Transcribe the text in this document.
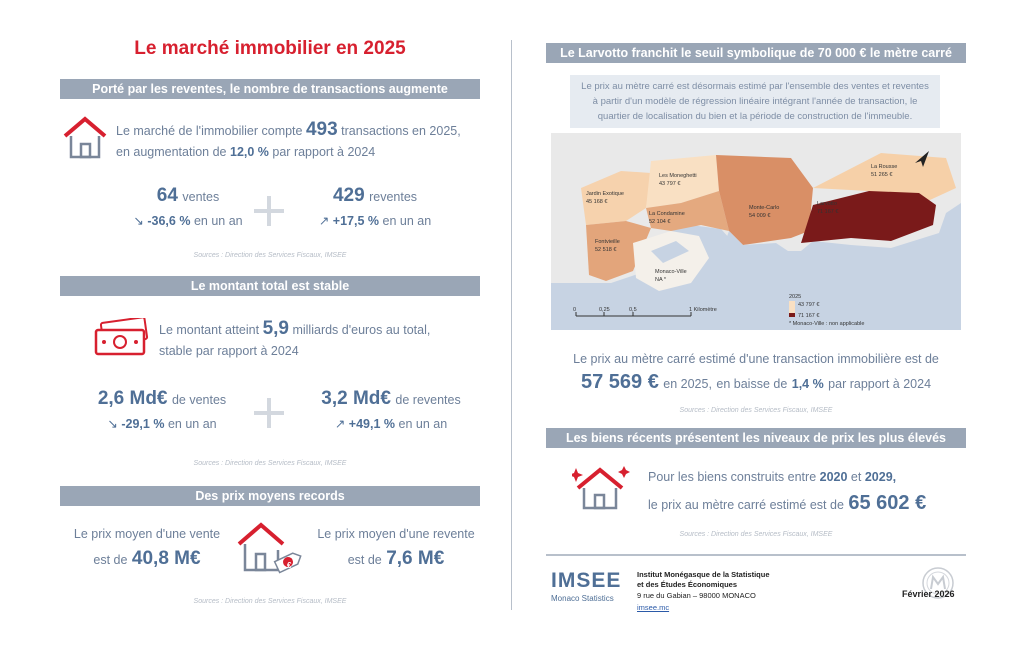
Le marché immobilier en 2025
Porté par les reventes, le nombre de transactions augmente
Le marché de l'immobilier compte 493 transactions en 2025,
en augmentation de 12,0 % par rapport à 2024
64 ventes
↘ -36,6 % en un an
429 reventes
↗ +17,5 % en un an
Sources : Direction des Services Fiscaux, IMSEE
Le montant total est stable
Le montant atteint 5,9 milliards d'euros au total,
stable par rapport à 2024
2,6 Md€ de ventes
↘ -29,1 % en un an
3,2 Md€ de reventes
↗ +49,1 % en un an
Sources : Direction des Services Fiscaux, IMSEE
Des prix moyens records
Le prix moyen d'une vente
est de 40,8 M€	€
Le prix moyen d'une revente
est de 7,6 M€
Sources : Direction des Services Fiscaux, IMSEE
Le Larvotto franchit le seuil symbolique de 70 000 € le mètre carré
Le prix au mètre carré est désormais estimé par l'ensemble des ventes et reventes à partir d'un modèle de régression linéaire intégrant l'année de transaction, le quartier de localisation du bien et la période de construction de l'immeuble.
Les Moneghetti
43 797 €
Jardin Exotique
45 168 €
La Condamine
52 104 €
Fontvieille
52 518 €
Monaco-Ville
NA *
Monte-Carlo
54 009 €
Larvotto
71 167 €
La Rousse
51 265 €
0	0,25	0,5	1 Kilomètre
2025
43 797 €
71 167 €
* Monaco-Ville : non applicable
Le prix au mètre carré estimé d'une transaction immobilière est de
57 569 € en 2025, en baisse de 1,4 % par rapport à 2024
Sources : Direction des Services Fiscaux, IMSEE
Les biens récents présentent les niveaux de prix les plus élevés
Pour les biens construits entre 2020 et 2029,
le prix au mètre carré estimé est de 65 602 €
Sources : Direction des Services Fiscaux, IMSEE
IMSEE
Monaco Statistics
Institut Monégasque de la Statistique
et des Études Économiques
9 rue du Gabian – 98000 MONACO
imsee.mc
Février 2026
